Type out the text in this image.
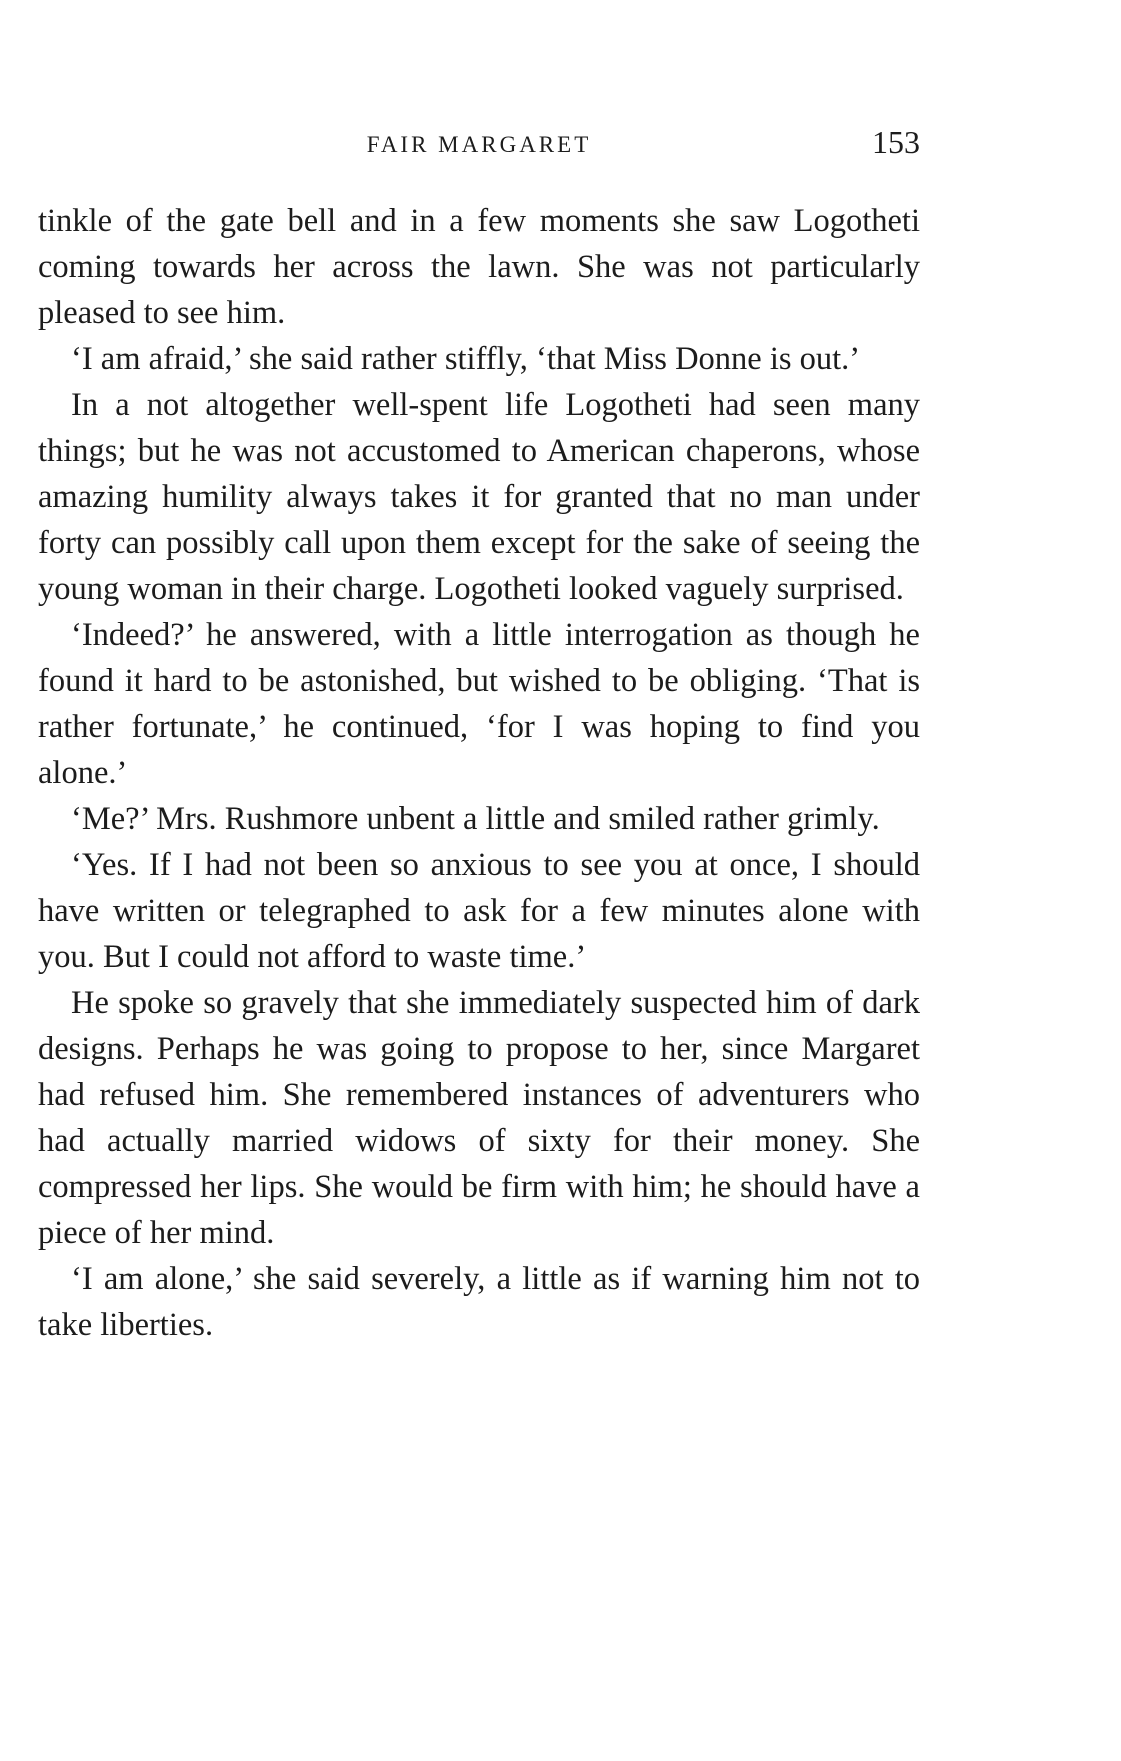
FAIR MARGARET	153

tinkle of the gate bell and in a few moments she saw Logotheti coming towards her across the lawn. She was not particularly pleased to see him.

‘I am afraid,’ she said rather stiffly, ‘that Miss Donne is out.’

In a not altogether well-spent life Logotheti had seen many things; but he was not accustomed to American chaperons, whose amazing humility always takes it for granted that no man under forty can possibly call upon them except for the sake of seeing the young woman in their charge. Logotheti looked vaguely surprised.

‘Indeed?’ he answered, with a little interrogation as though he found it hard to be astonished, but wished to be obliging. ‘That is rather fortunate,’ he continued, ‘for I was hoping to find you alone.’

‘Me?’ Mrs. Rushmore unbent a little and smiled rather grimly.

‘Yes. If I had not been so anxious to see you at once, I should have written or telegraphed to ask for a few minutes alone with you. But I could not afford to waste time.’

He spoke so gravely that she immediately suspected him of dark designs. Perhaps he was going to propose to her, since Margaret had refused him. She remembered instances of adventurers who had actually married widows of sixty for their money. She compressed her lips. She would be firm with him; he should have a piece of her mind.

‘I am alone,’ she said severely, a little as if warning him not to take liberties.
